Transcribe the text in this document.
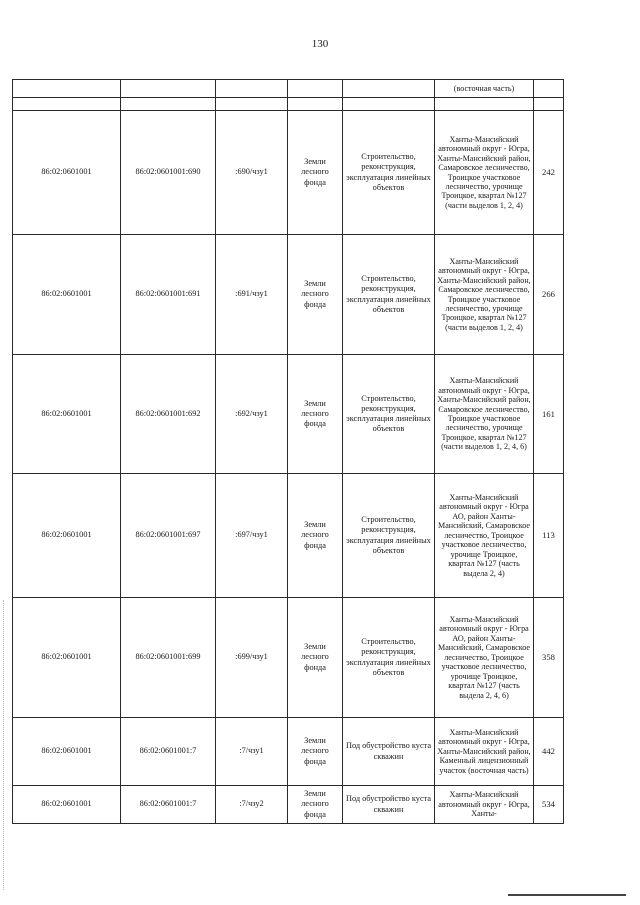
130
					(восточная часть)	

86:02:0601001	86:02:0601001:690	:690/чзу1	Земли лесного фонда	Строительство, реконструкция, эксплуатация линейных объектов	Ханты-Мансийский автономный округ - Югра, Ханты-Мансийский район, Самаровское лесничество, Троицкое участковое лесничество, урочище Троицкое, квартал №127 (части выделов 1, 2, 4)	242
86:02:0601001	86:02:0601001:691	:691/чзу1	Земли лесного фонда	Строительство, реконструкция, эксплуатация линейных объектов	Ханты-Мансийский автономный округ - Югра, Ханты-Мансийский район, Самаровское лесничество, Троицкое участковое лесничество, урочище Троицкое, квартал №127 (части выделов 1, 2, 4)	266
86:02:0601001	86:02:0601001:692	:692/чзу1	Земли лесного фонда	Строительство, реконструкция, эксплуатация линейных объектов	Ханты-Мансийский автономный округ - Югра, Ханты-Мансийский район, Самаровское лесничество, Троицкое участковое лесничество, урочище Троицкое, квартал №127 (части выделов 1, 2, 4, 6)	161
86:02:0601001	86:02:0601001:697	:697/чзу1	Земли лесного фонда	Строительство, реконструкция, эксплуатация линейных объектов	Ханты-Мансийский автономный округ - Югра АО, район Ханты-Мансийский, Самаровское лесничество, Троицкое участковое лесничество, урочище Троицкое, квартал №127 (часть выдела 2, 4)	113
86:02:0601001	86:02:0601001:699	:699/чзу1	Земли лесного фонда	Строительство, реконструкция, эксплуатация линейных объектов	Ханты-Мансийский автономный округ - Югра АО, район Ханты-Мансийский, Самаровское лесничество, Троицкое участковое лесничество, урочище Троицкое, квартал №127 (часть выдела 2, 4, 6)	358
86:02:0601001	86:02:0601001:7	:7/чзу1	Земли лесного фонда	Под обустройство куста скважин	Ханты-Мансийский автономный округ - Югра, Ханты-Мансийский район, Каменный лицензионный участок (восточная часть)	442
86:02:0601001	86:02:0601001:7	:7/чзу2	Земли лесного фонда	Под обустройство куста скважин	Ханты-Мансийский автономный округ - Югра, Ханты-	534
